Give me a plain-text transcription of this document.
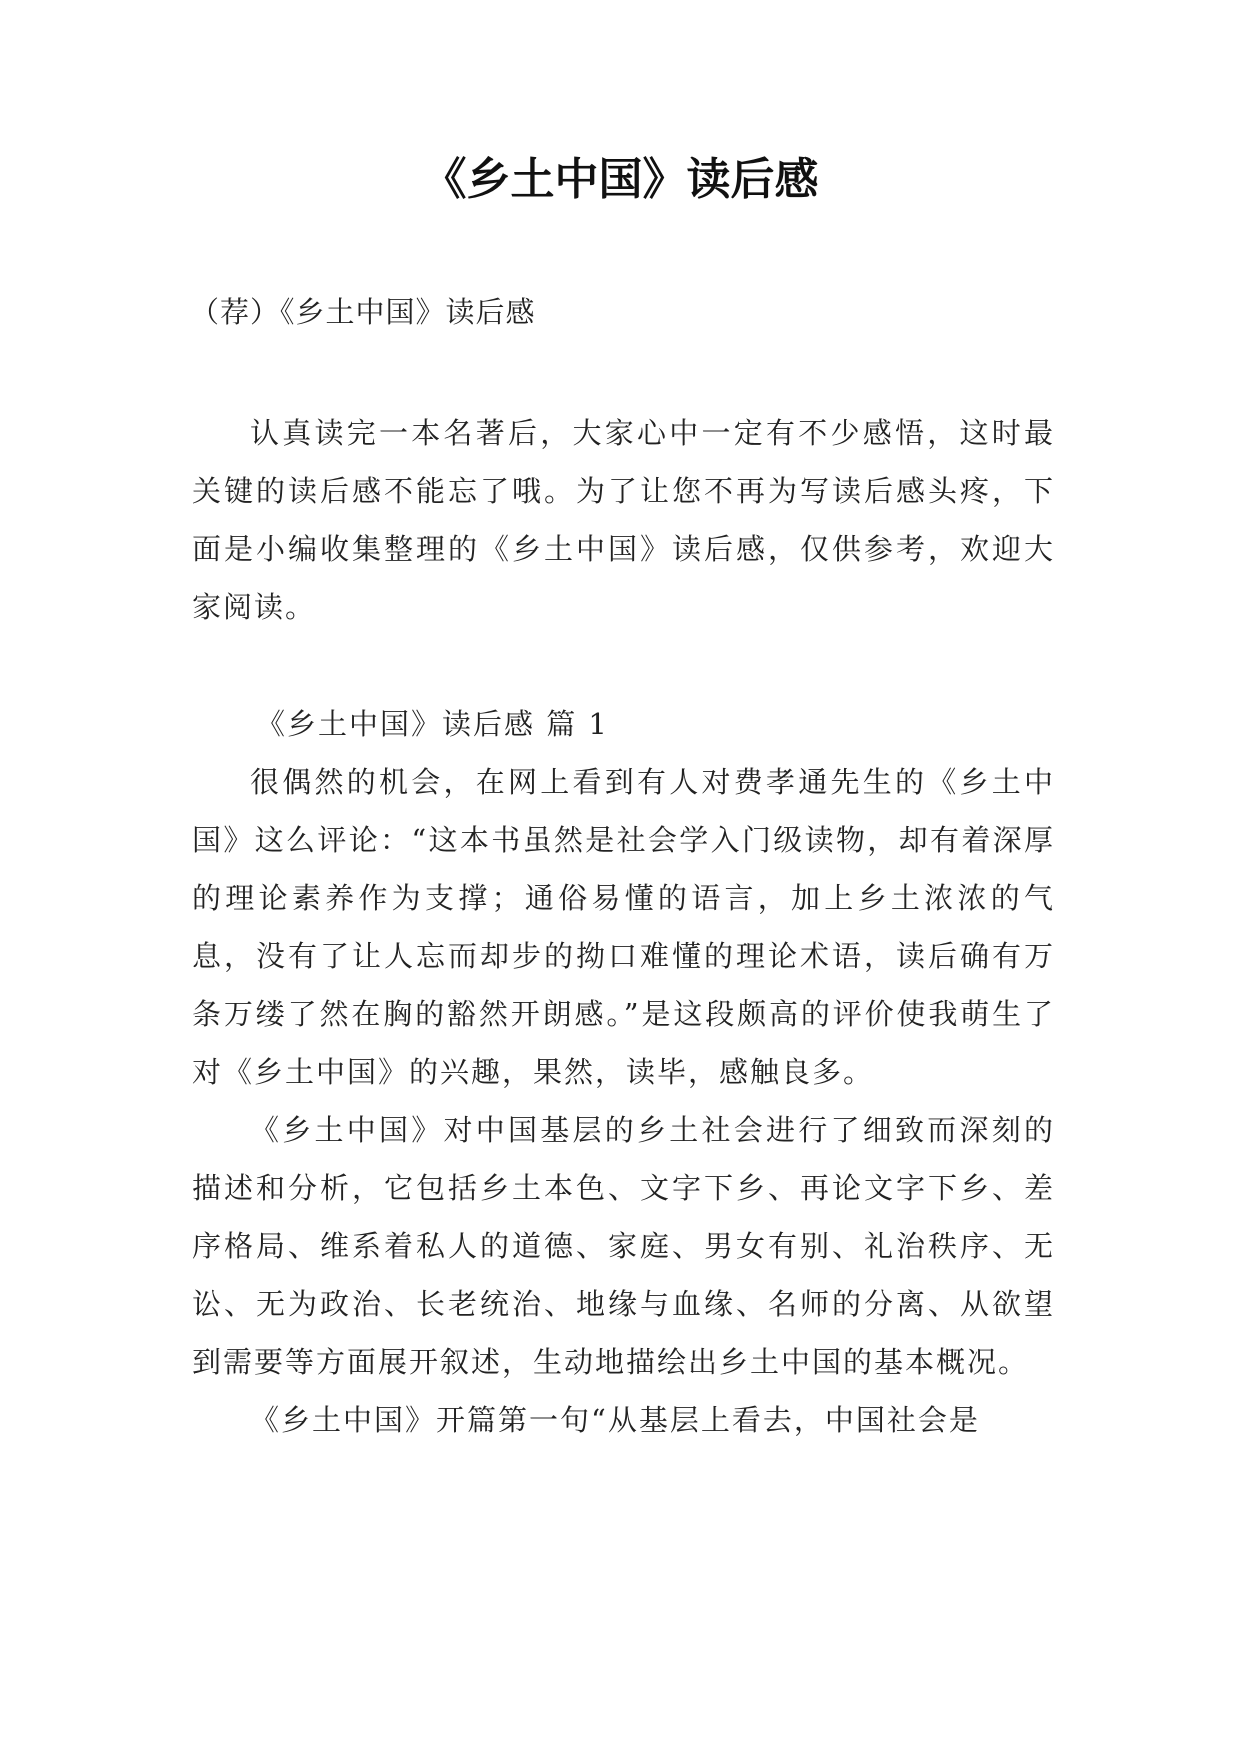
《乡土中国》读后感
（荐）《乡土中国》读后感

认真读完一本名著后，大家心中一定有不少感悟，这时最关键的读后感不能忘了哦。为了让您不再为写读后感头疼，下面是小编收集整理的《乡土中国》读后感，仅供参考，欢迎大家阅读。

《乡土中国》读后感 篇 1

很偶然的机会，在网上看到有人对费孝通先生的《乡土中国》这么评论：“这本书虽然是社会学入门级读物，却有着深厚的理论素养作为支撑；通俗易懂的语言，加上乡土浓浓的气息，没有了让人忘而却步的拗口难懂的理论术语，读后确有万条万缕了然在胸的豁然开朗感。”是这段颇高的评价使我萌生了对《乡土中国》的兴趣，果然，读毕，感触良多。

《乡土中国》对中国基层的乡土社会进行了细致而深刻的描述和分析，它包括乡土本色、文字下乡、再论文字下乡、差序格局、维系着私人的道德、家庭、男女有别、礼治秩序、无讼、无为政治、长老统治、地缘与血缘、名师的分离、从欲望到需要等方面展开叙述，生动地描绘出乡土中国的基本概况。

《乡土中国》开篇第一句“从基层上看去，中国社会是
